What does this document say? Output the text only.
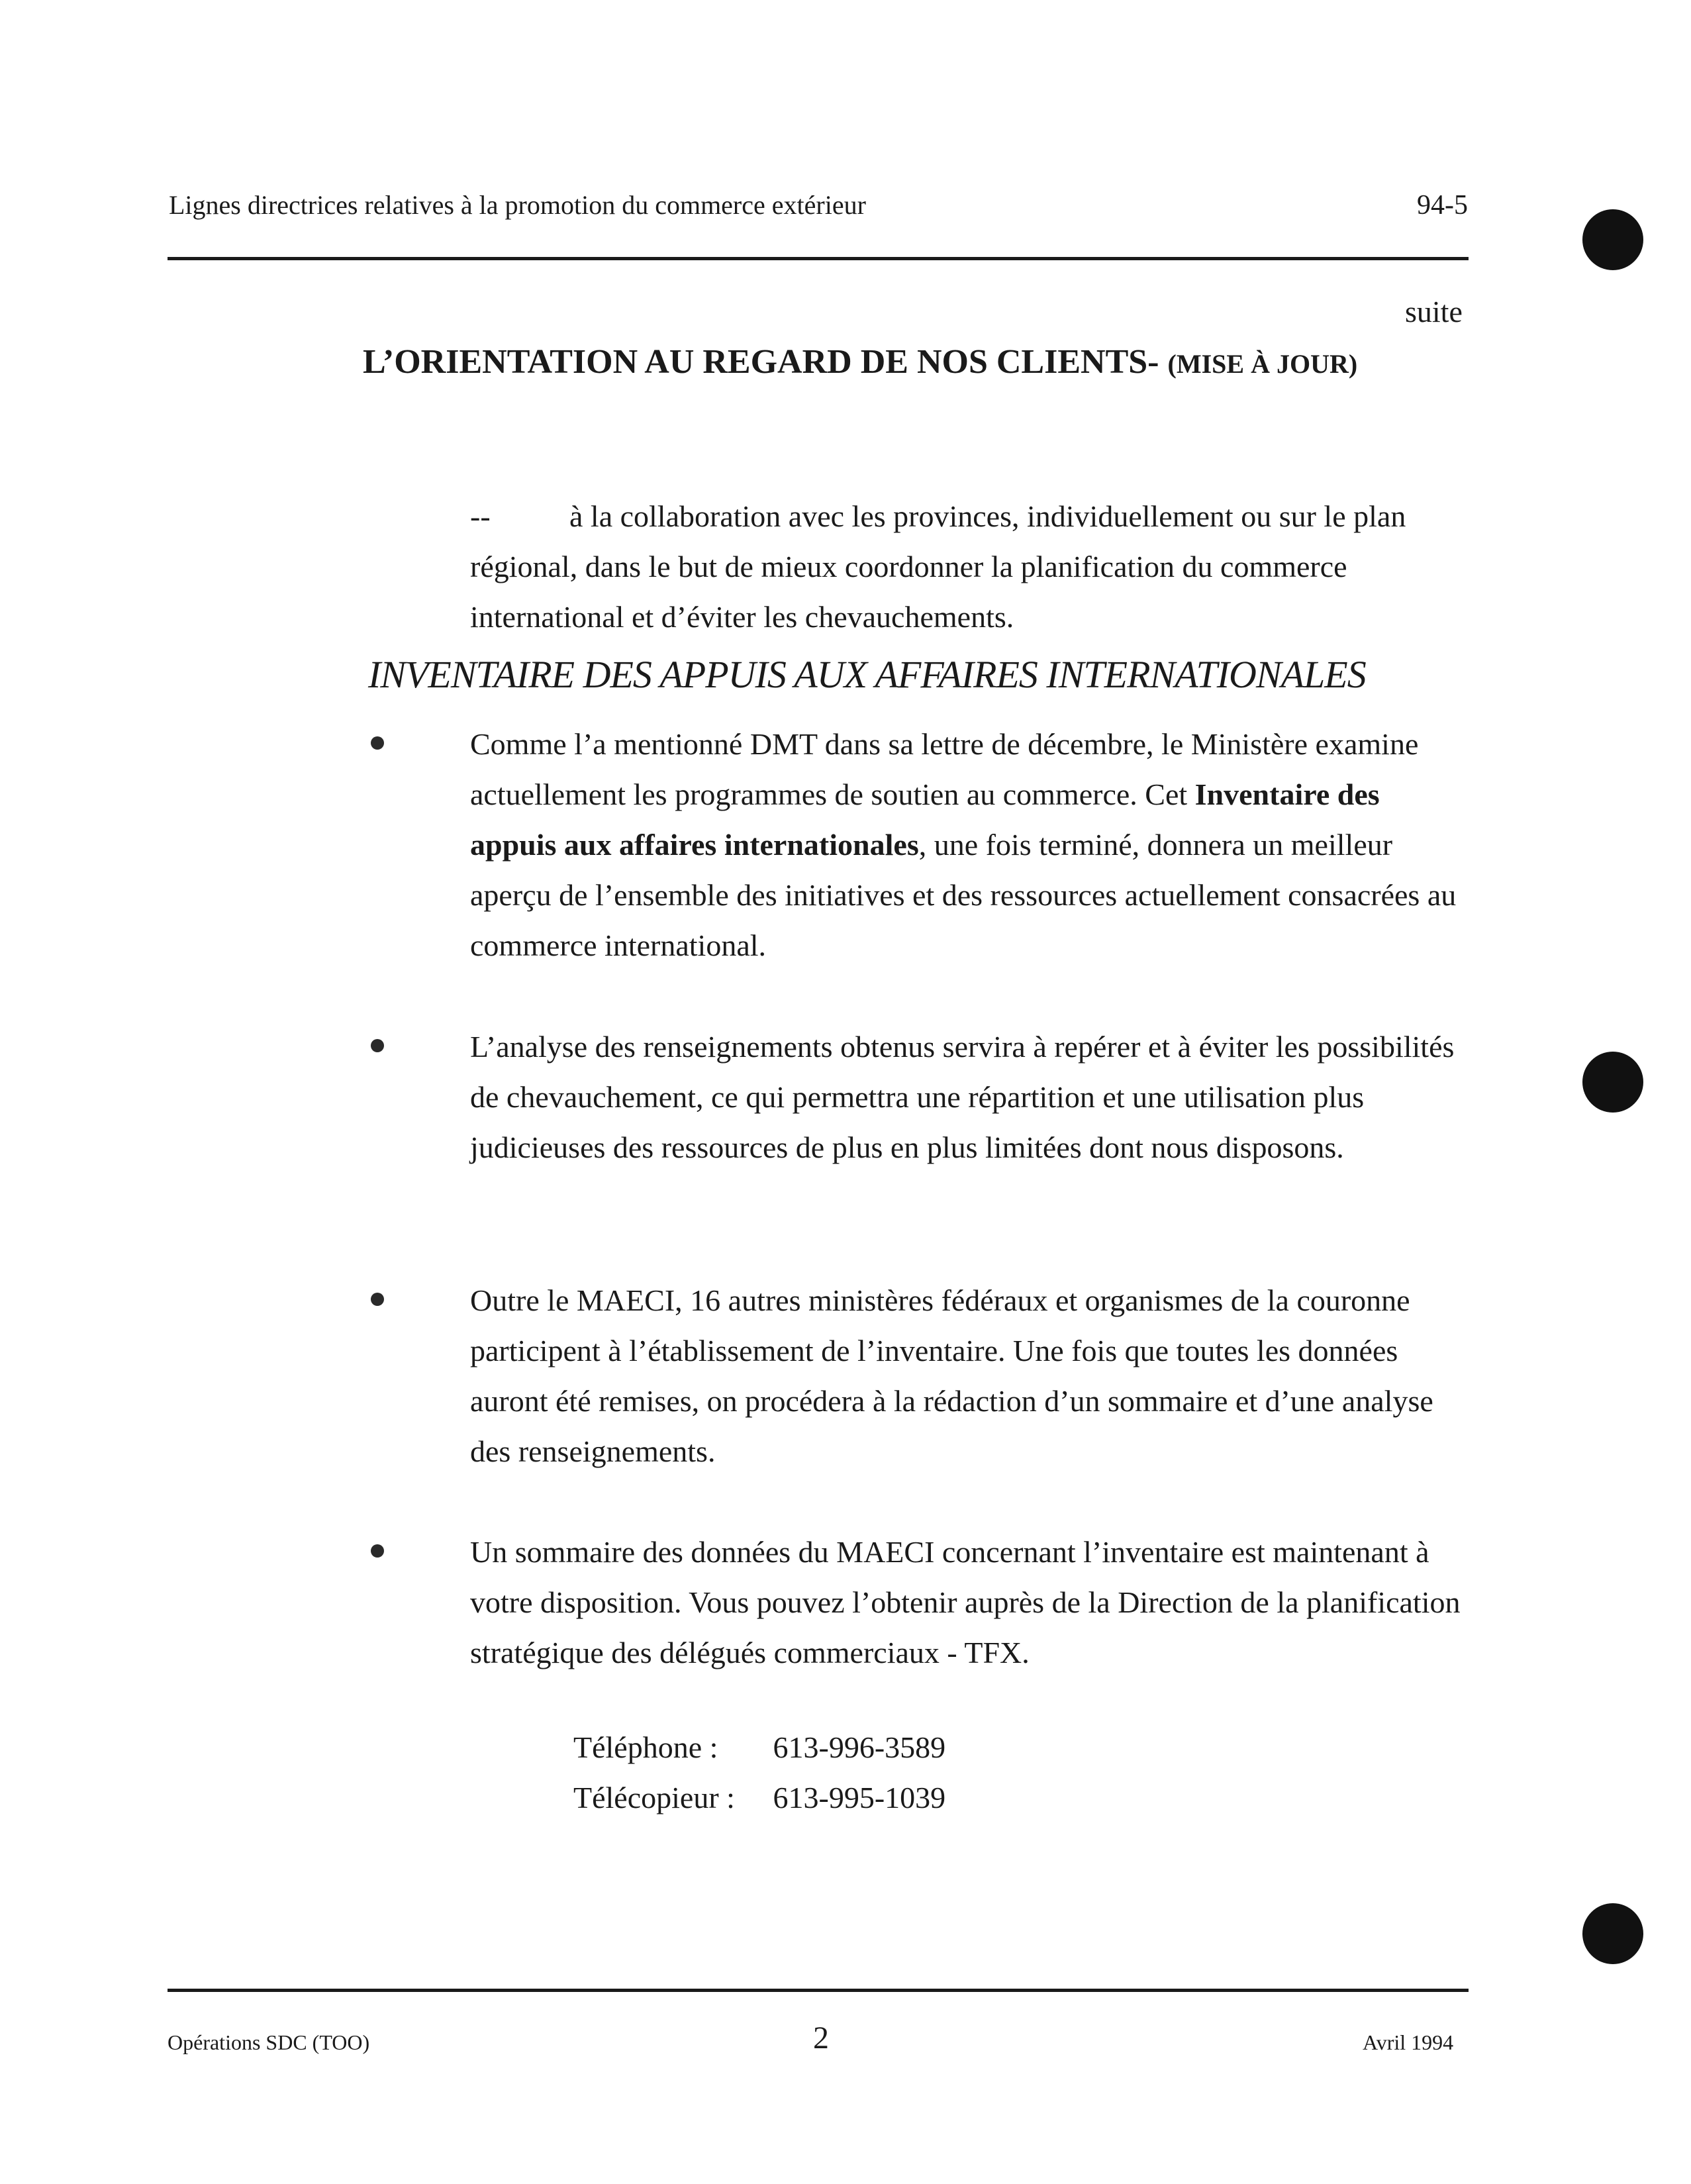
Lignes directrices relatives à la promotion du commerce extérieur	94-5
suite
L’ORIENTATION AU REGARD DE NOS CLIENTS- (MISE À JOUR)
--	à la collaboration avec les provinces, individuellement ou sur le plan régional, dans le but de mieux coordonner la planification du commerce international et d’éviter les chevauchements.
INVENTAIRE DES APPUIS AUX AFFAIRES INTERNATIONALES
Comme l’a mentionné DMT dans sa lettre de décembre, le Ministère examine actuellement les programmes de soutien au commerce. Cet Inventaire des appuis aux affaires internationales, une fois terminé, donnera un meilleur aperçu de l’ensemble des initiatives et des ressources actuellement consacrées au commerce international.
L’analyse des renseignements obtenus servira à repérer et à éviter les possibilités de chevauchement, ce qui permettra une répartition et une utilisation plus judicieuses des ressources de plus en plus limitées dont nous disposons.
Outre le MAECI, 16 autres ministères fédéraux et organismes de la couronne participent à l’établissement de l’inventaire. Une fois que toutes les données auront été remises, on procédera à la rédaction d’un sommaire et d’une analyse des renseignements.
Un sommaire des données du MAECI concernant l’inventaire est maintenant à votre disposition. Vous pouvez l’obtenir auprès de la Direction de la planification stratégique des délégués commerciaux - TFX.
Téléphone : 613-996-3589
Télécopieur : 613-995-1039
Opérations SDC (TOO)	2	Avril 1994
